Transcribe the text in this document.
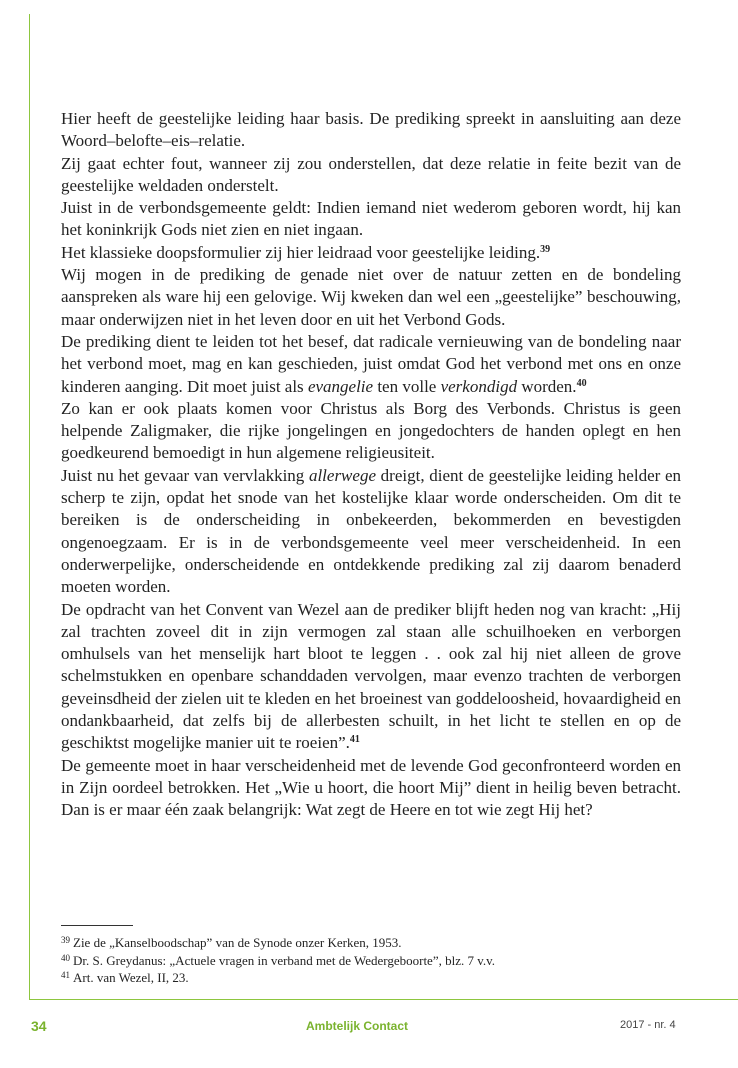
Hier heeft de geestelijke leiding haar basis. De prediking spreekt in aansluiting aan deze Woord–belofte–eis–relatie.

Zij gaat echter fout, wanneer zij zou onderstellen, dat deze relatie in feite bezit van de geestelijke weldaden onderstelt.

Juist in de verbondsgemeente geldt: Indien iemand niet wederom geboren wordt, hij kan het koninkrijk Gods niet zien en niet ingaan.

Het klassieke doopsformulier zij hier leidraad voor geestelijke leiding.$^{39}$

Wij mogen in de prediking de genade niet over de natuur zetten en de bondeling aanspreken als ware hij een gelovige. Wij kweken dan wel een „geestelijke” beschouwing, maar onderwijzen niet in het leven door en uit het Verbond Gods.

De prediking dient te leiden tot het besef, dat radicale vernieuwing van de bondeling naar het verbond moet, mag en kan geschieden, juist omdat God het verbond met ons en onze kinderen aanging. Dit moet juist als evangelie ten volle verkondigd worden.$^{40}$

Zo kan er ook plaats komen voor Christus als Borg des Verbonds. Christus is geen helpende Zaligmaker, die rijke jongelingen en jongedochters de handen oplegt en hen goedkeurend bemoedigt in hun algemene religieusiteit.

Juist nu het gevaar van vervlakking allerwege dreigt, dient de geestelijke leiding helder en scherp te zijn, opdat het snode van het kostelijke klaar worde onderscheiden. Om dit te bereiken is de onderscheiding in onbekeerden, bekommerden en bevestigden ongenoegzaam. Er is in de verbondsgemeente veel meer verscheidenheid. In een onderwerpelijke, onderscheidende en ontdekkende prediking zal zij daarom benaderd moeten worden.

De opdracht van het Convent van Wezel aan de prediker blijft heden nog van kracht: „Hij zal trachten zoveel dit in zijn vermogen zal staan alle schuilhoeken en verborgen omhulsels van het menselijk hart bloot te leggen . . ook zal hij niet alleen de grove schelmstukken en openbare schanddaden vervolgen, maar evenzo trachten de verborgen geveinsdheid der zielen uit te kleden en het broeinest van goddeloosheid, hovaardigheid en ondankbaarheid, dat zelfs bij de allerbesten schuilt, in het licht te stellen en op de geschiktst mogelijke manier uit te roeien”.$^{41}$

De gemeente moet in haar verscheidenheid met de levende God geconfronteerd worden en in Zijn oordeel betrokken. Het „Wie u hoort, die hoort Mij” dient in heilig beven betracht. Dan is er maar één zaak belangrijk: Wat zegt de Heere en tot wie zegt Hij het?

$^{39}$ Zie de „Kanselboodschap” van de Synode onzer Kerken, 1953.

$^{40}$ Dr. S. Greydanus: „Actuele vragen in verband met de Wedergeboorte”, blz. 7 v.v.

$^{41}$ Art. van Wezel, II, 23.

34	Ambtelijk Contact	2017 - nr. 4
